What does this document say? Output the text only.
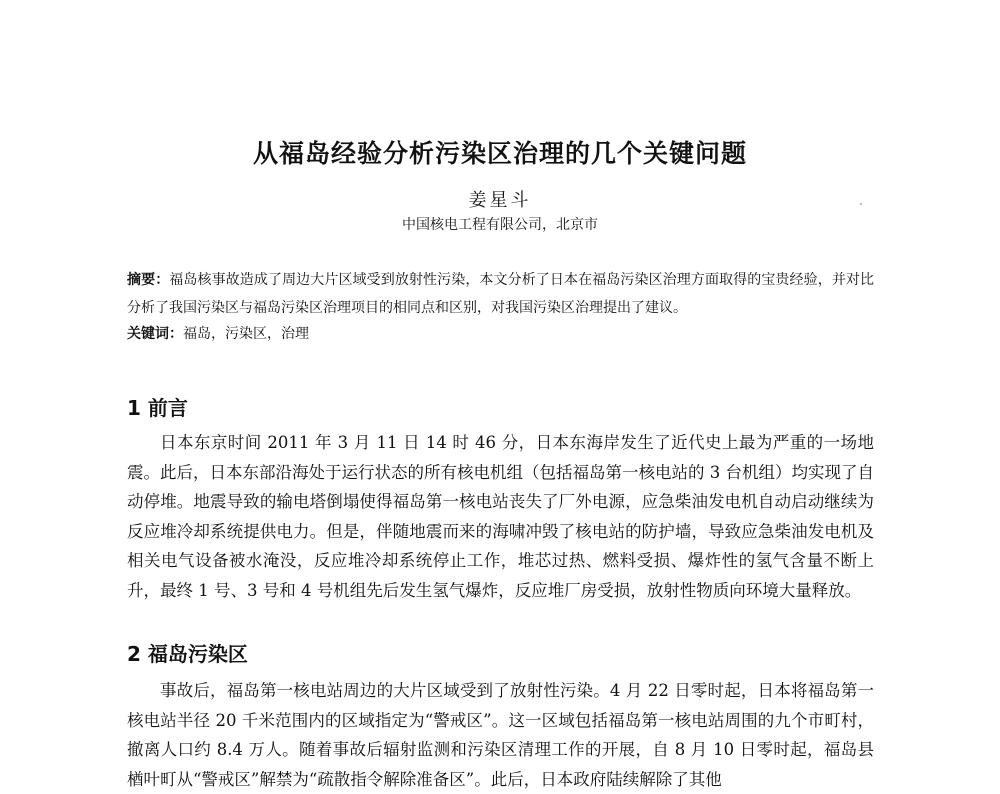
从福岛经验分析污染区治理的几个关键问题

姜星斗

中国核电工程有限公司，北京市

摘要：福岛核事故造成了周边大片区域受到放射性污染，本文分析了日本在福岛污染区治理方面取得的宝贵经验，并对比分析了我国污染区与福岛污染区治理项目的相同点和区别，对我国污染区治理提出了建议。

关键词：福岛，污染区，治理

1 前言

日本东京时间 2011 年 3 月 11 日 14 时 46 分，日本东海岸发生了近代史上最为严重的一场地震。此后，日本东部沿海处于运行状态的所有核电机组（包括福岛第一核电站的 3 台机组）均实现了自动停堆。地震导致的输电塔倒塌使得福岛第一核电站丧失了厂外电源，应急柴油发电机自动启动继续为反应堆冷却系统提供电力。但是，伴随地震而来的海啸冲毁了核电站的防护墙，导致应急柴油发电机及相关电气设备被水淹没，反应堆冷却系统停止工作，堆芯过热、燃料受损、爆炸性的氢气含量不断上升，最终 1 号、3 号和 4 号机组先后发生氢气爆炸，反应堆厂房受损，放射性物质向环境大量释放。

2 福岛污染区

事故后，福岛第一核电站周边的大片区域受到了放射性污染。4 月 22 日零时起，日本将福岛第一核电站半径 20 千米范围内的区域指定为“警戒区”。这一区域包括福岛第一核电站周围的九个市町村，撤离人口约 8.4 万人。随着事故后辐射监测和污染区清理工作的开展，自 8 月 10 日零时起，福岛县楢叶町从“警戒区”解禁为“疏散指令解除准备区”。此后，日本政府陆续解除了其他
